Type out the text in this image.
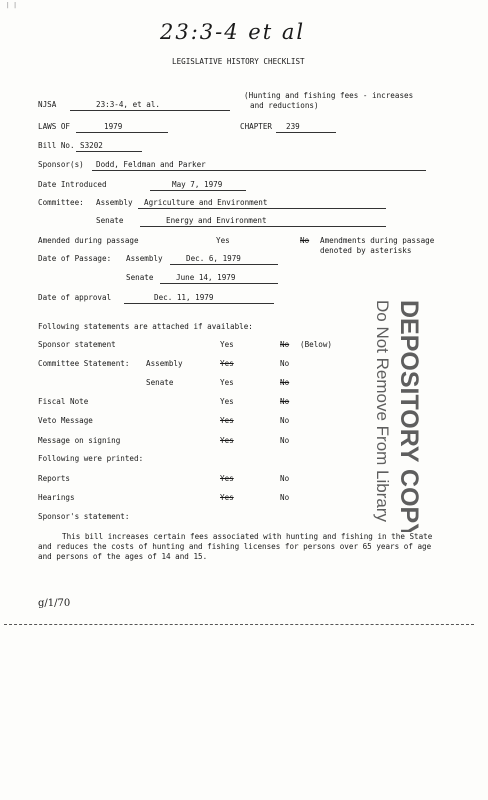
| |
23:3-4 et al
LEGISLATIVE HISTORY CHECKLIST
NJSA	23:3-4, et al.
(Hunting and fishing fees - increases
and reductions)
LAWS OF	1979	CHAPTER 239
Bill No. S3202
Sponsor(s) Dodd, Feldman and Parker
Date Introduced	May 7, 1979
Committee: Assembly Agriculture and Environment
Senate	Energy and Environment
Amended during passage	Yes	No Amendments during passage
denoted by asterisks
Date of Passage: Assembly	Dec. 6, 1979
Senate	June 14, 1979
Date of approval	Dec. 11, 1979
Following statements are attached if available:
Sponsor statement	Yes	No (Below)
Committee Statement: Assembly	Yes	No
Senate	Yes	No
Fiscal Note	Yes	No
Veto Message	Yes	No
Message on signing	Yes	No
Following were printed:
Reports	Yes	No
Hearings	Yes	No
Sponsor's statement:
This bill increases certain fees associated with hunting and fishing in the State
and reduces the costs of hunting and fishing licenses for persons over 65 years of age
and persons of the ages of 14 and 15.
g/1/70
DEPOSITORY COPY
Do Not Remove From Library
